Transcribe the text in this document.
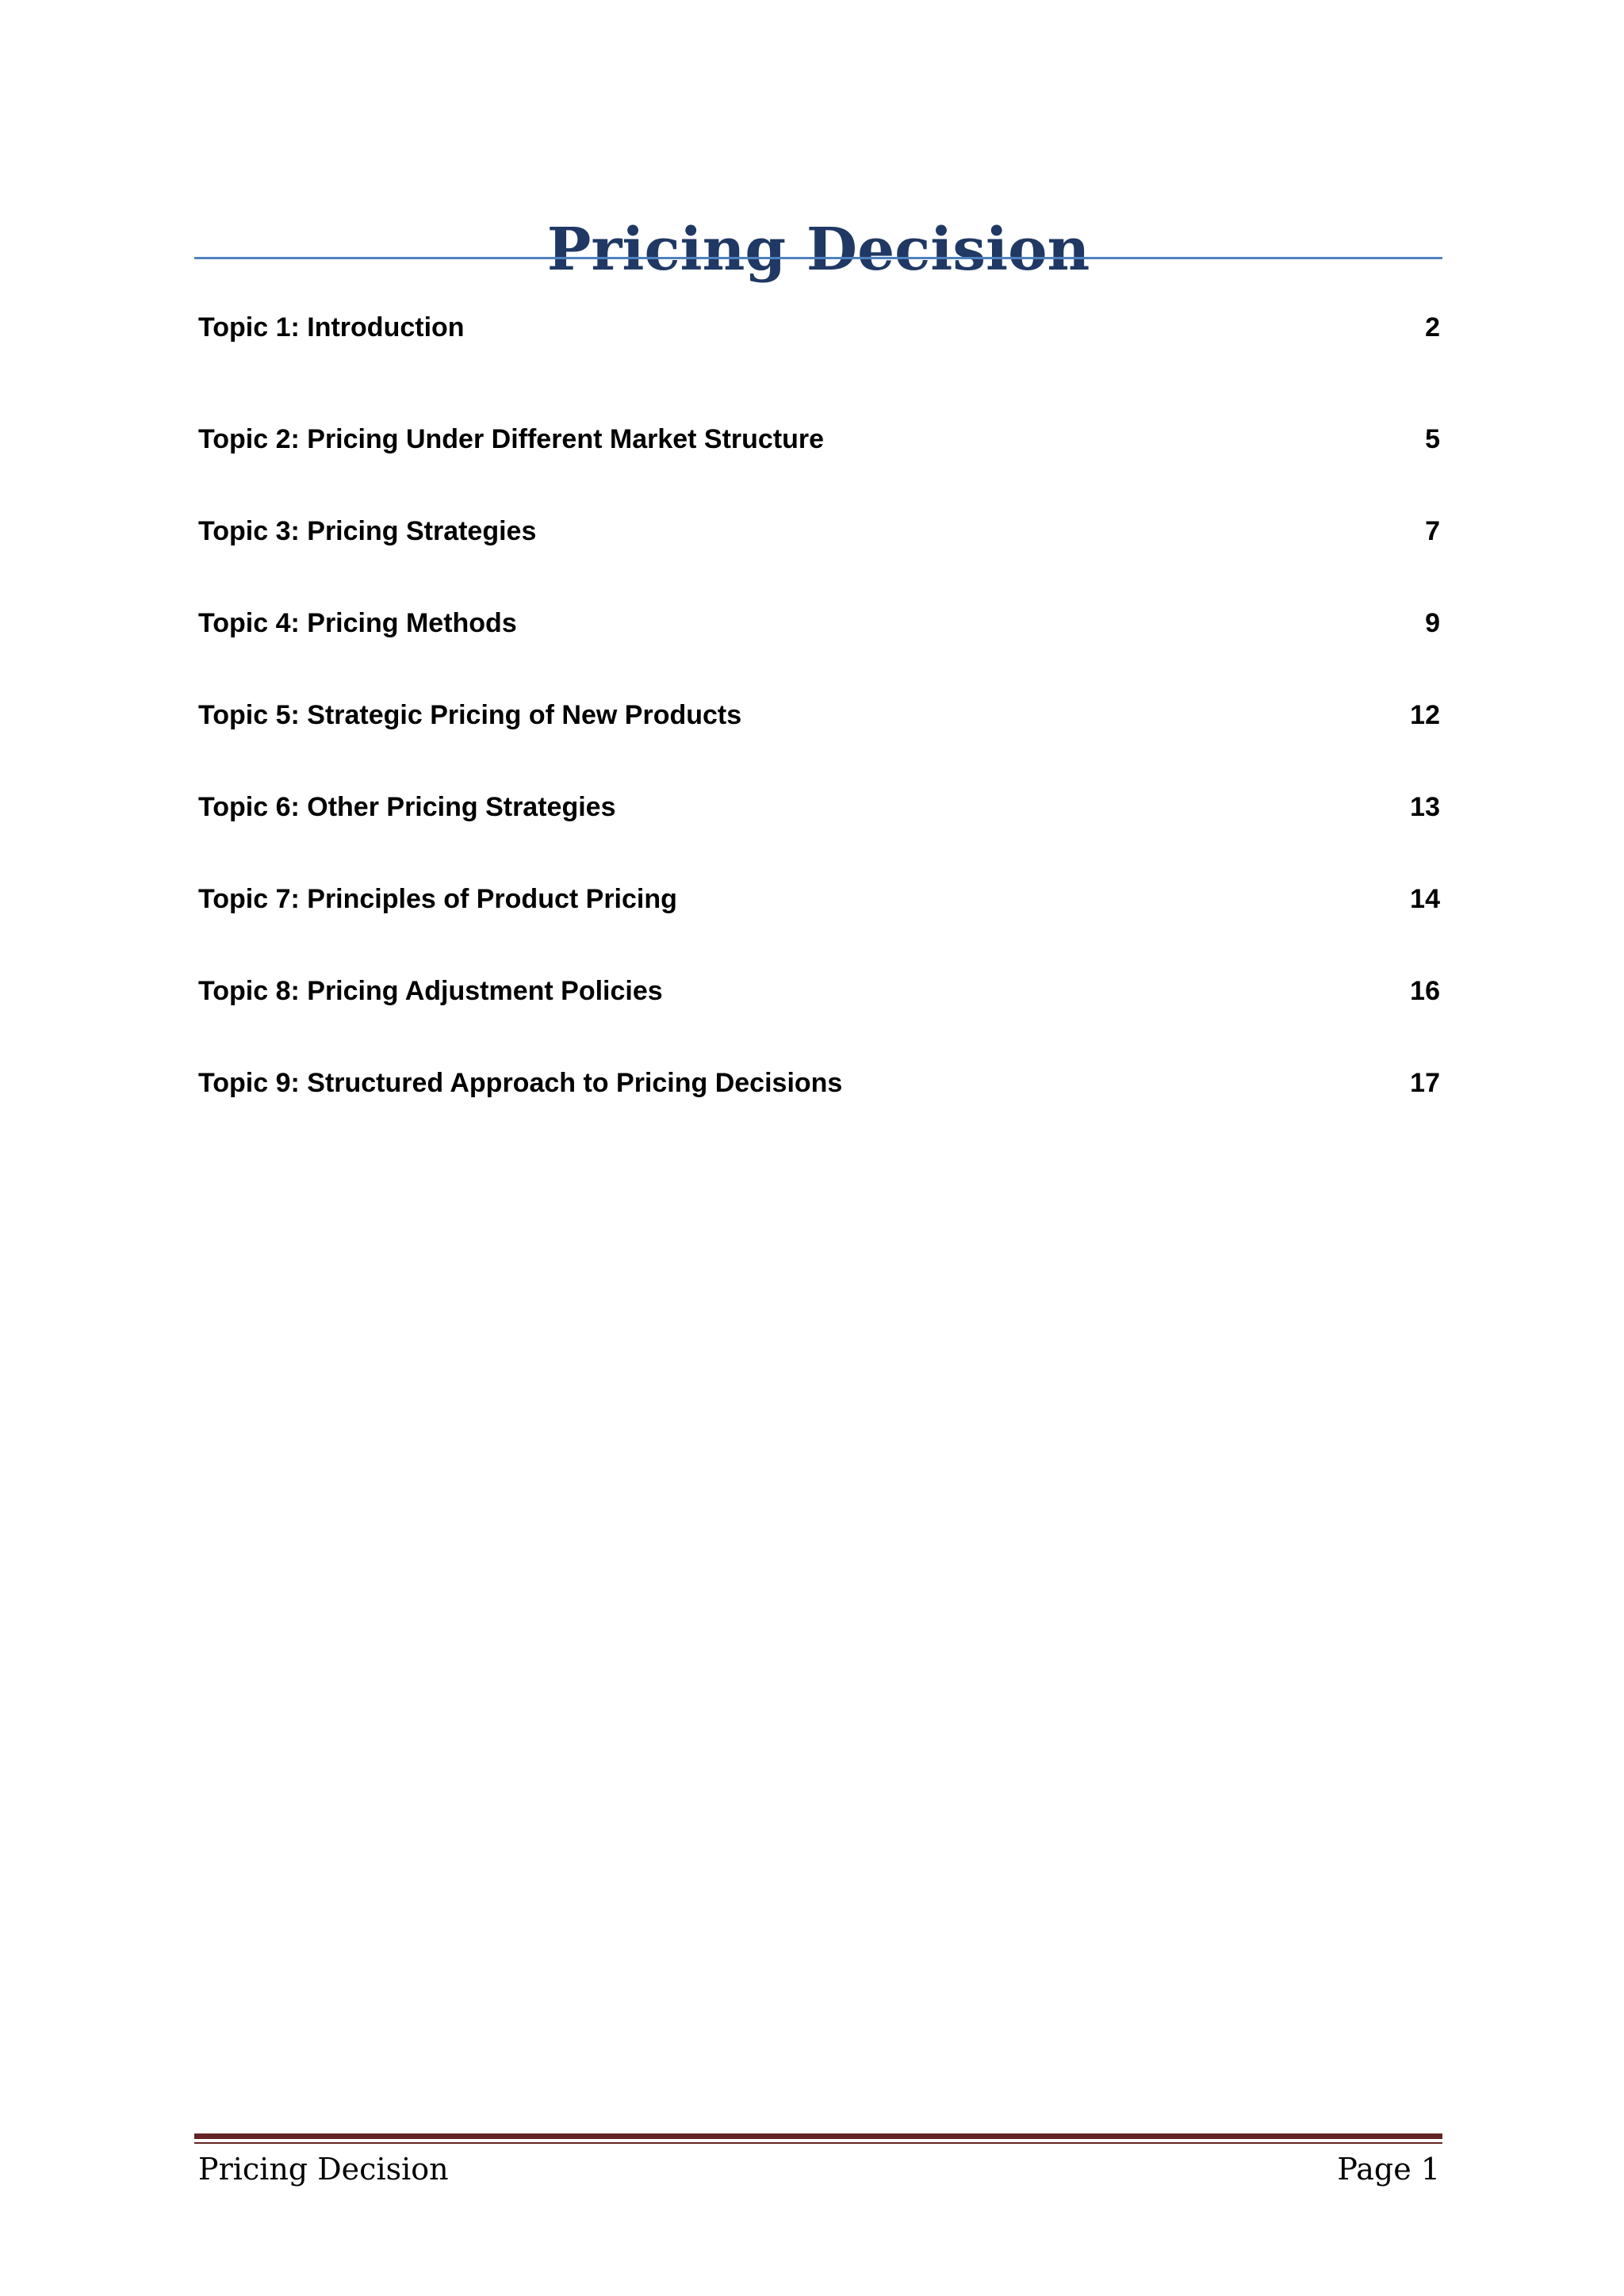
Pricing Decision
Topic 1: Introduction	2
Topic 2: Pricing Under Different Market Structure	5
Topic 3: Pricing Strategies	7
Topic 4: Pricing Methods	9
Topic 5: Strategic Pricing of New Products	12
Topic 6: Other Pricing Strategies	13
Topic 7: Principles of Product Pricing	14
Topic 8: Pricing Adjustment Policies	16
Topic 9: Structured Approach to Pricing Decisions	17
Pricing Decision	Page 1
